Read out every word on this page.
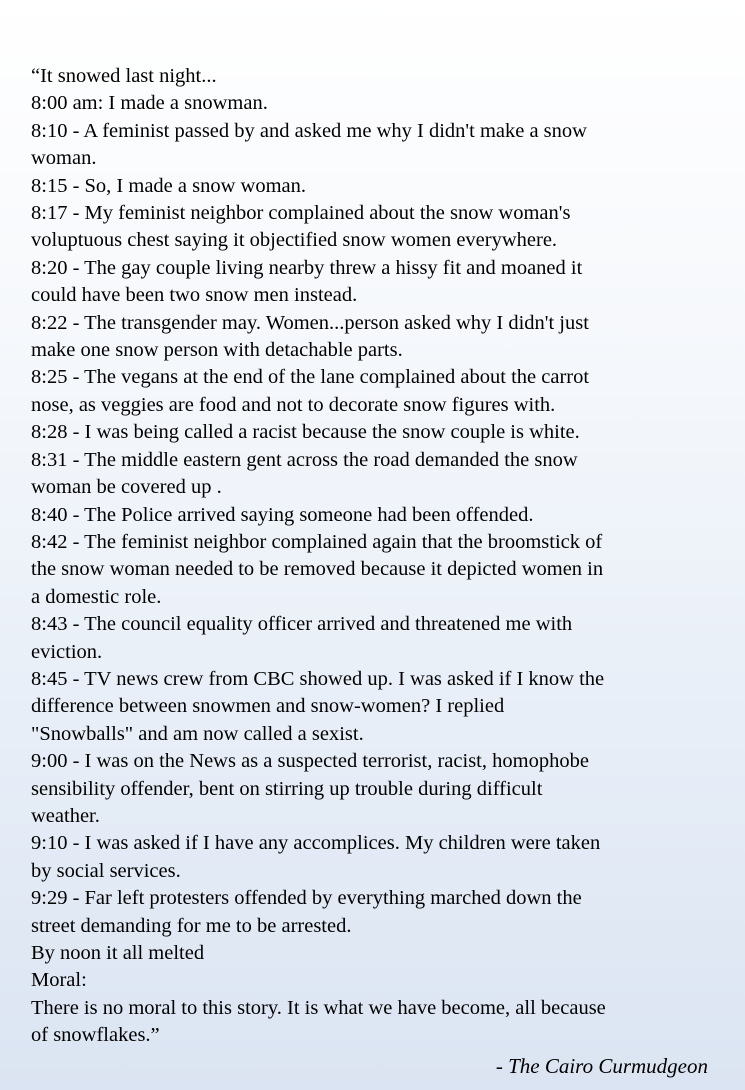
“It snowed last night...
8:00 am: I made a snowman.
8:10 - A feminist passed by and asked me why I didn't make a snow
woman.
8:15 - So, I made a snow woman.
8:17 - My feminist neighbor complained about the snow woman's
voluptuous chest saying it objectified snow women everywhere.
8:20 - The gay couple living nearby threw a hissy fit and moaned it
could have been two snow men instead.
8:22 - The transgender may. Women...person asked why I didn't just
make one snow person with detachable parts.
8:25 - The vegans at the end of the lane complained about the carrot
nose, as veggies are food and not to decorate snow figures with.
8:28 - I was being called a racist because the snow couple is white.
8:31 - The middle eastern gent across the road demanded the snow
woman be covered up .
8:40 - The Police arrived saying someone had been offended.
8:42 - The feminist neighbor complained again that the broomstick of
the snow woman needed to be removed because it depicted women in
a domestic role.
8:43 - The council equality officer arrived and threatened me with
eviction.
8:45 - TV news crew from CBC showed up. I was asked if I know the
difference between snowmen and snow-women? I replied
"Snowballs" and am now called a sexist.
9:00 - I was on the News as a suspected terrorist, racist, homophobe
sensibility offender, bent on stirring up trouble during difficult
weather.
9:10 - I was asked if I have any accomplices. My children were taken
by social services.
9:29 - Far left protesters offended by everything marched down the
street demanding for me to be arrested.
By noon it all melted
Moral:
There is no moral to this story. It is what we have become, all because
of snowflakes.”
- The Cairo Curmudgeon
